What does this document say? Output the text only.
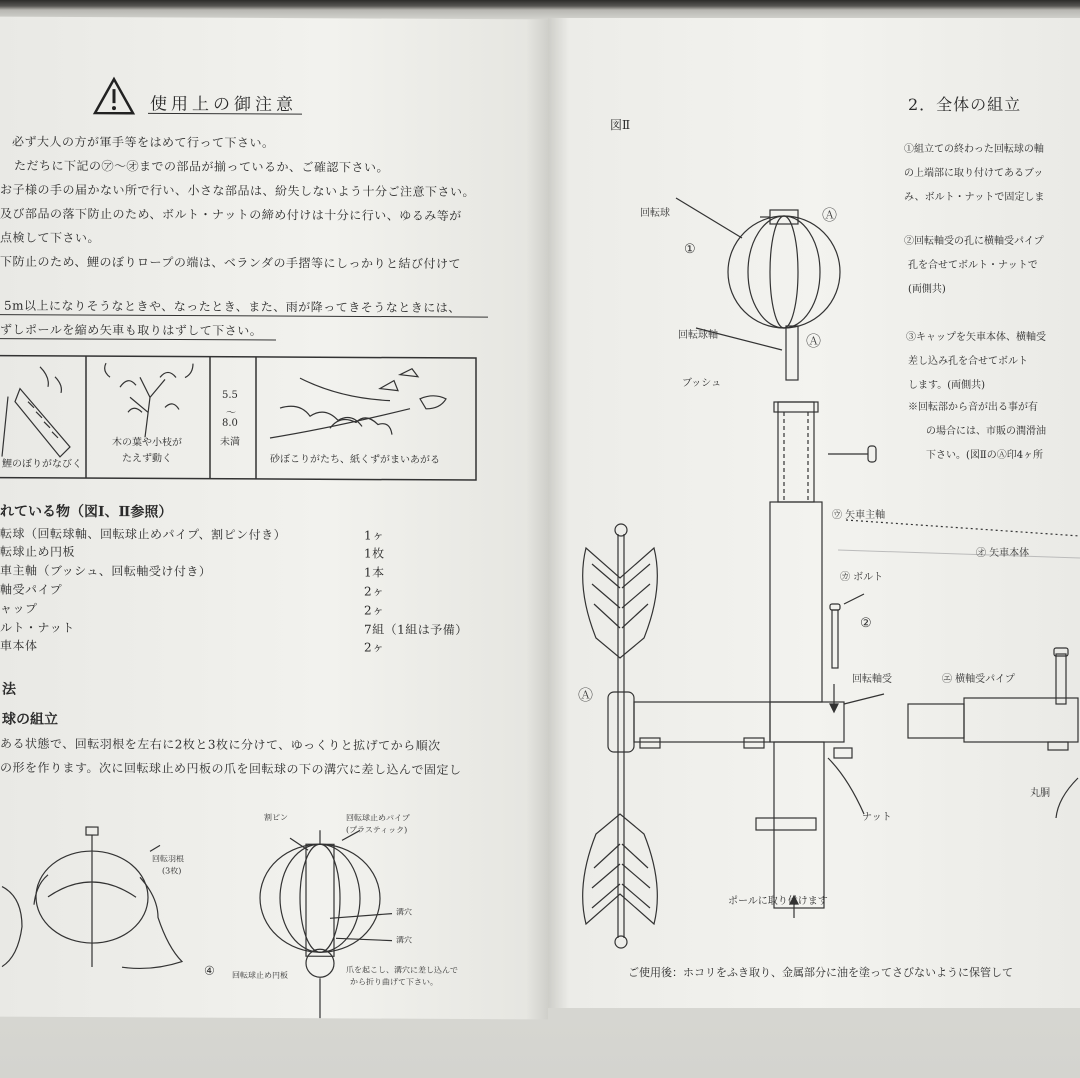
使用上の御注意
必ず大人の方が軍手等をはめて行って下さい。
ただちに下記の㋐～㋔までの部品が揃っているか、ご確認下さい。
お子様の手の届かない所で行い、小さな部品は、紛失しないよう十分ご注意下さい。
及び部品の落下防止のため、ボルト・ナットの締め付けは十分に行い、ゆるみ等が
点検して下さい。
下防止のため、鯉のぼりロープの端は、ベランダの手摺等にしっかりと結び付けて
5m以上になりそうなときや、なったとき、また、雨が降ってきそうなときには、
ずしポールを縮め矢車も取りはずして下さい。
鯉のぼりがなびく
木の葉や小枝が
たえず動く
5.5
～
8.0
未満
砂ぼこりがたち、紙くずがまいあがる
れている物（図Ⅰ、Ⅱ参照）
転球（回転球軸、回転球止めパイプ、割ピン付き）	1ヶ
転球止め円板	1枚
車主軸（ブッシュ、回転軸受け付き）	1本
軸受パイプ	2ヶ
ャップ	2ヶ
ルト・ナット	7組（1組は予備）
車本体	2ヶ
法
球の組立
ある状態で、回転羽根を左右に2枚と3枚に分けて、ゆっくりと拡げてから順次
の形を作ります。次に回転球止め円板の爪を回転球の下の溝穴に差し込んで固定し
回転羽根
(3枚)
割ピン	回転球止めパイプ
(プラスティック)
溝穴
溝穴
④ 回転球止め円板
爪を起こし、溝穴に差し込んで
から折り曲げて下さい。
図Ⅱ
回転球
①
Ⓐ
回転球軸	Ⓐ
ブッシュ
㋒ 矢車主軸
㋕ ボルト
②
回転軸受
Ⓐ
ナット
ポールに取り付けます
2．全体の組立
①組立ての終わった回転球の軸
の上端部に取り付けてあるブッ
み、ボルト・ナットで固定しま
②回転軸受の孔に横軸受パイプ
孔を合せてボルト・ナットで
(両側共)
③キャップを矢車本体、横軸受
差し込み孔を合せてボルト
します。(両側共)
※回転部から音が出る事が有
の場合には、市販の潤滑油
下さい。(図ⅡのⒶ印4ヶ所
㋔ 矢車本体
㋓ 横軸受パイプ
丸胴
ご使用後：ホコリをふき取り、金属部分に油を塗ってさびないように保管して
